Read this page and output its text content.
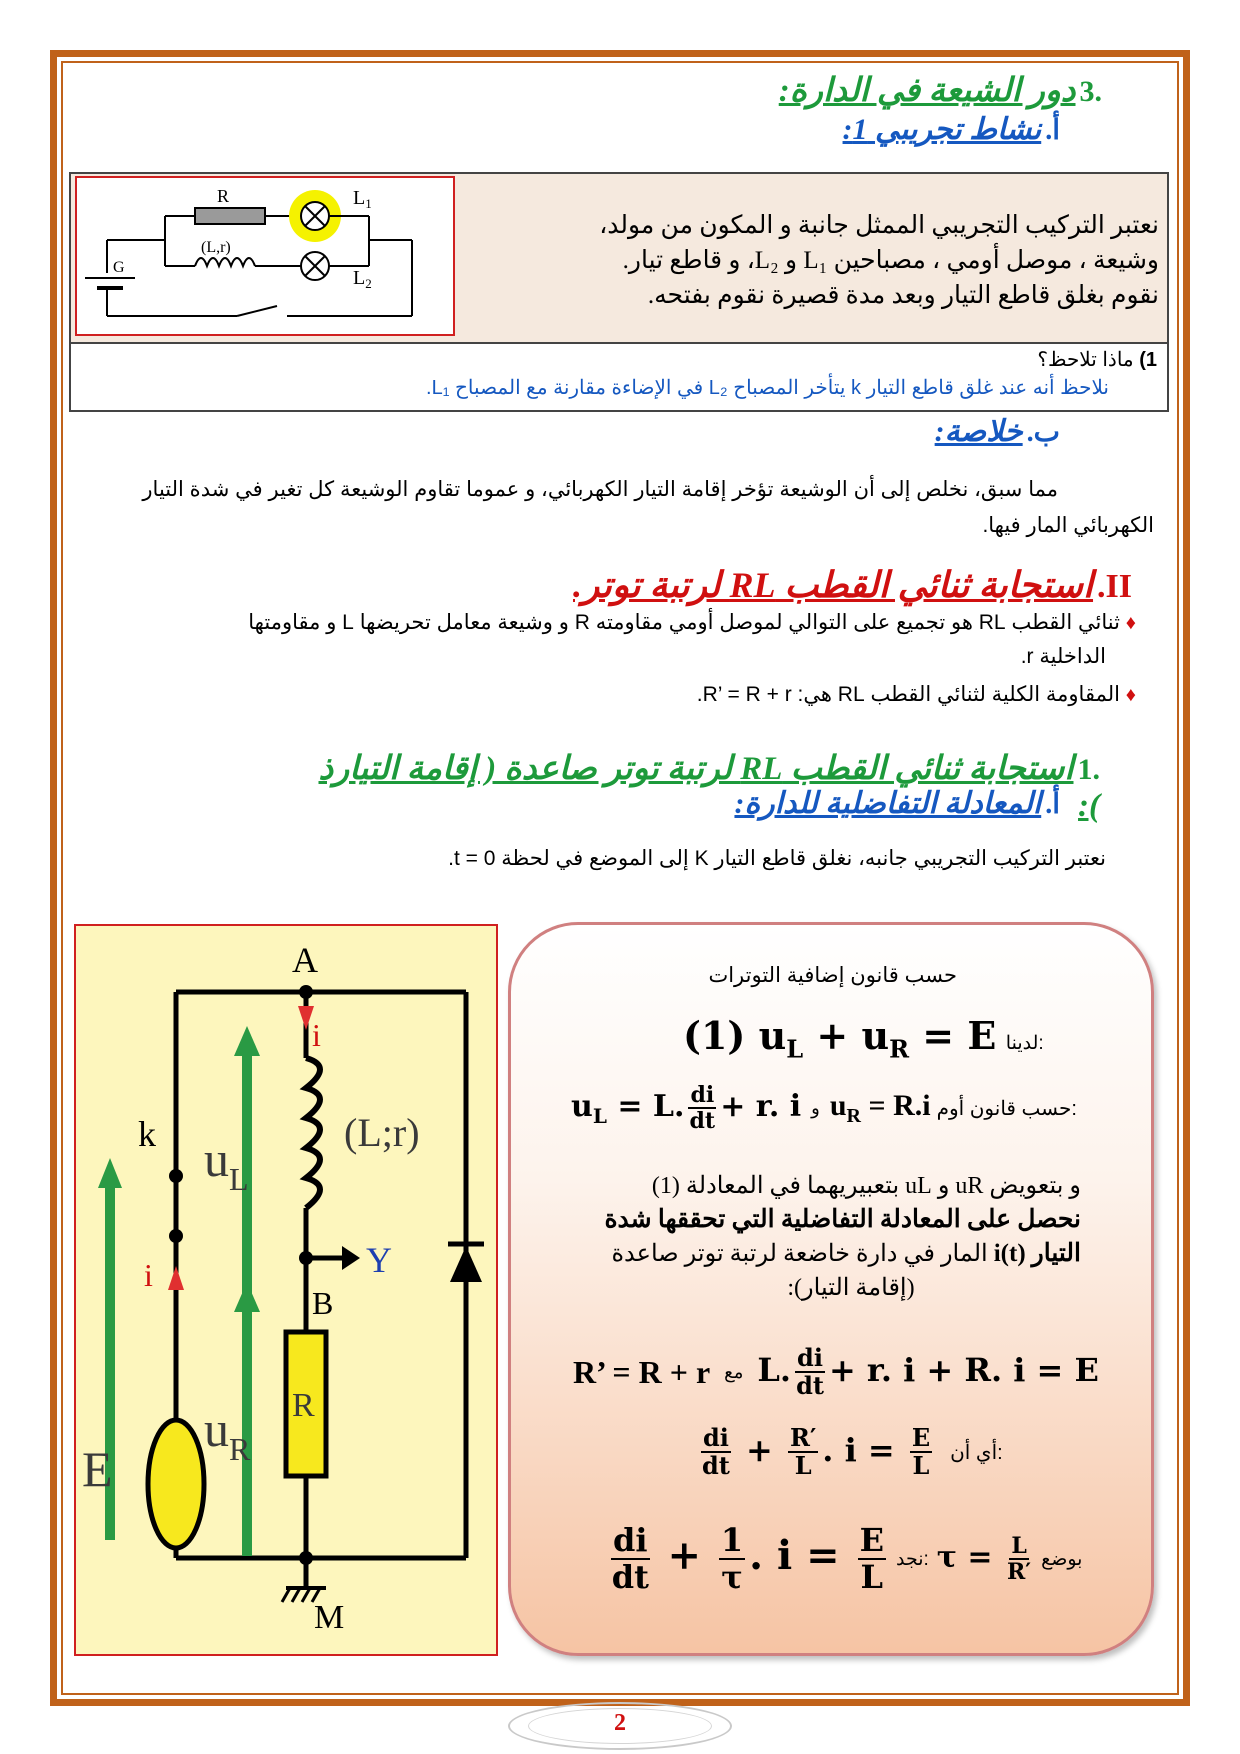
.3 دور الشيعة في الدارة:
أ. نشاط تجريبي 1:
R	$L_1$
$L_2$
(L,r)
G
نعتبر التركيب التجريبي الممثل جانبة و المكون من مولد،
وشيعة ، موصل أومي ، مصباحين L₁ و L₂، و قاطع تيار.
نقوم بغلق قاطع التيار وبعد مدة قصيرة نقوم بفتحه.
1) ماذا تلاحظ؟
نلاحظ أنه عند غلق قاطع التيار k يتأخر المصباح L₂ في الإضاءة مقارنة مع المصباح L₁.
ب. خلاصة:
مما سبق، نخلص إلى أن الوشيعة تؤخر إقامة التيار الكهربائي، و عموما تقاوم الوشيعة كل تغير في شدة التيار
الكهربائي المار فيها.
II. استجابة ثنائي القطب RL لرتبة توتر.
♦ ثنائي القطب RL هو تجميع على التوالي لموصل أومي مقاومته R و وشيعة معامل تحريضها L و مقاومتها
الداخلية r.
♦ المقاومة الكلية لثنائي القطب RL هي: R’ = R + r.
.1 استجابة ثنائي القطب RL لرتبة توتر صاعدة ( إقامة التيارذ ):
أ. المعادلة التفاضلية للدارة:
نعتبر التركيب التجريبي جانبه، نغلق قاطع التيار K إلى الموضع في لحظة t = 0.
A
B
M
Y
k
i
i
(L;r)
E
$u_L$
$u_R$
R
حسب قانون إضافية التوترات
(1) $u_L + u_R = E$ لدينا:
$u_L = L$. $\frac{di}{dt} + r$. i و $u_R = R.i$ حسب قانون أوم:
و بتعويض uR و uL بتعبيريهما في المعادلة (1)
نحصل على المعادلة التفاضلية التي تحققها شدة
التيار i(t) المار في دارة خاضعة لرتبة توتر صاعدة
(إقامة التيار):
R’ = R + r مع L. $\frac{di}{dt} + r$. i + R. i = E
$\frac{di}{dt} + \frac{R'}{L}$ . $i = \frac{E}{L}$ أي أن:
$\frac{di}{dt} + \frac{1}{\tau}$ . $i = \frac{E}{L}$ نجد: $\tau = \frac{L}{R'}$ بوضع
2
